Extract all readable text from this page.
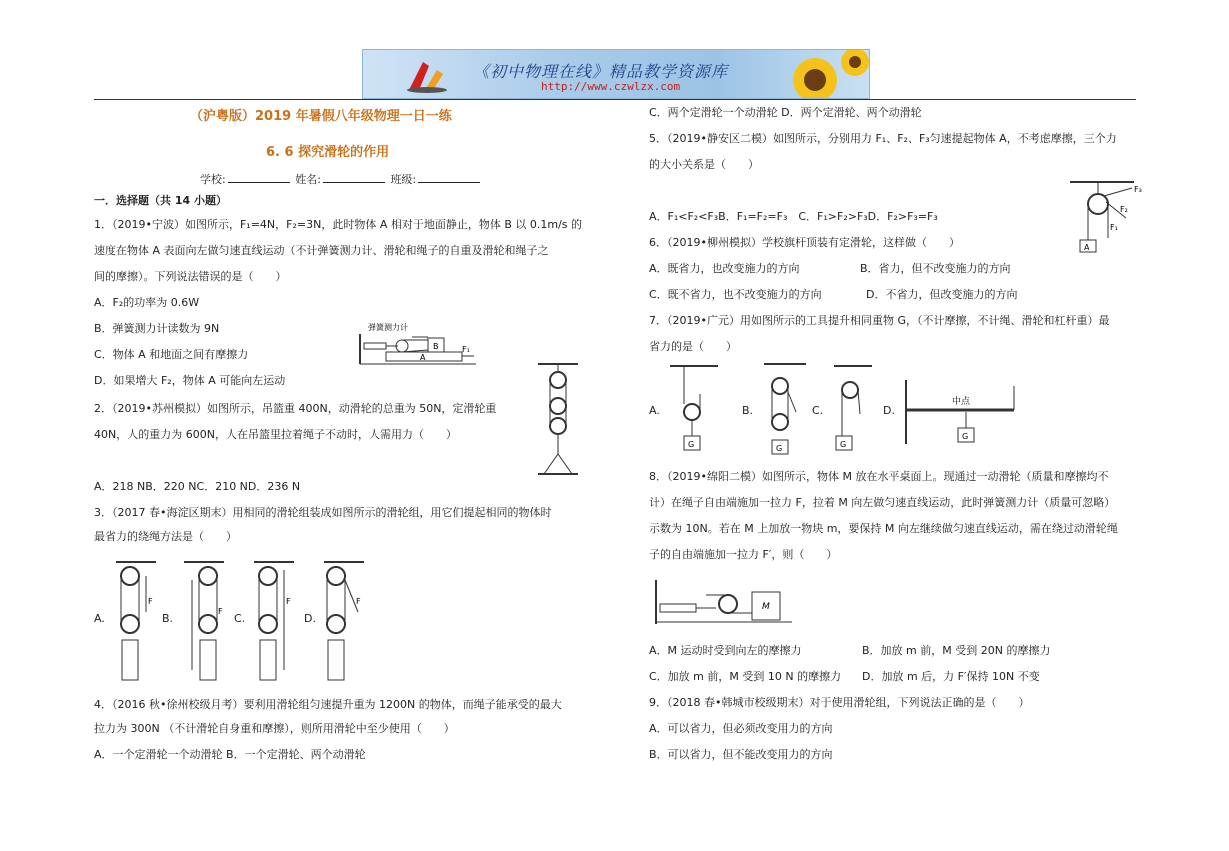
《初中物理在线》精品教学资源库
http://www.czwlzx.com
（沪粤版）2019 年暑假八年级物理一日一练
6. 6 探究滑轮的作用
学校:	姓名:	班级:
一．选择题（共 14 小题）
1．（2019•宁波）如图所示，F₁=4N，F₂=3N，此时物体 A 相对于地面静止，物体 B 以 0.1m/s 的
速度在物体 A 表面向左做匀速直线运动（不计弹簧测力计、滑轮和绳子的自重及滑轮和绳子之
间的摩擦）。下列说法错误的是（　　）
A．F₂的功率为 0.6W
B．弹簧测力计读数为 9N
C．物体 A 和地面之间有摩擦力
D．如果增大 F₂，物体 A 可能向左运动
弹簧测力计
B
A
F₁
2．（2019•苏州模拟）如图所示，吊篮重 400N，动滑轮的总重为 50N，定滑轮重
40N，人的重力为 600N，人在吊篮里拉着绳子不动时，人需用力（　　）
A．218 NB．220 NC．210 ND．236 N
3．（2017 春•海淀区期末）用相同的滑轮组装成如图所示的滑轮组，用它们提起相同的物体时
最省力的绕绳方法是（　　）
A.	B.	C.	D.
F
F
F	F
4．（2016 秋•徐州校级月考）要利用滑轮组匀速提升重为 1200N 的物体，而绳子能承受的最大
拉力为 300N （不计滑轮自身重和摩擦），则所用滑轮中至少使用（　　）
A．一个定滑轮一个动滑轮 B．一个定滑轮、两个动滑轮
C．两个定滑轮一个动滑轮 D．两个定滑轮、两个动滑轮
5．（2019•静安区二模）如图所示，分别用力 F₁、F₂、F₃匀速提起物体 A，不考虑摩擦，三个力
的大小关系是（　　）
A．F₁<F₂<F₃B．F₁=F₂=F₃　C．F₁>F₂>F₃D．F₂>F₃=F₃
F₃
F₂
F₁
A
6．（2019•柳州模拟）学校旗杆顶装有定滑轮，这样做（　　）
A．既省力，也改变施力的方向	B．省力，但不改变施力的方向
C．既不省力，也不改变施力的方向	D．不省力，但改变施力的方向
7．（2019•广元）用如图所示的工具提升相同重物 G，（不计摩擦，不计绳、滑轮和杠杆重）最
省力的是（　　）
A.	B.	C.	D.
G	G	G
中点
G
8．（2019•绵阳二模）如图所示，物体 M 放在水平桌面上。现通过一动滑轮（质量和摩擦均不
计）在绳子自由端施加一拉力 F，拉着 M 向左做匀速直线运动，此时弹簧测力计（质量可忽略）
示数为 10N。若在 M 上加放一物块 m，要保持 M 向左继续做匀速直线运动，需在绕过动滑轮绳
子的自由端施加一拉力 F′，则（　　）
M
A．M 运动时受到向左的摩擦力	B．加放 m 前，M 受到 20N 的摩擦力
C．加放 m 前，M 受到 10 N 的摩擦力 D．加放 m 后，力 F′保持 10N 不变
9．（2018 春•韩城市校级期末）对于使用滑轮组，下列说法正确的是（　　）
A．可以省力，但必须改变用力的方向
B．可以省力，但不能改变用力的方向
